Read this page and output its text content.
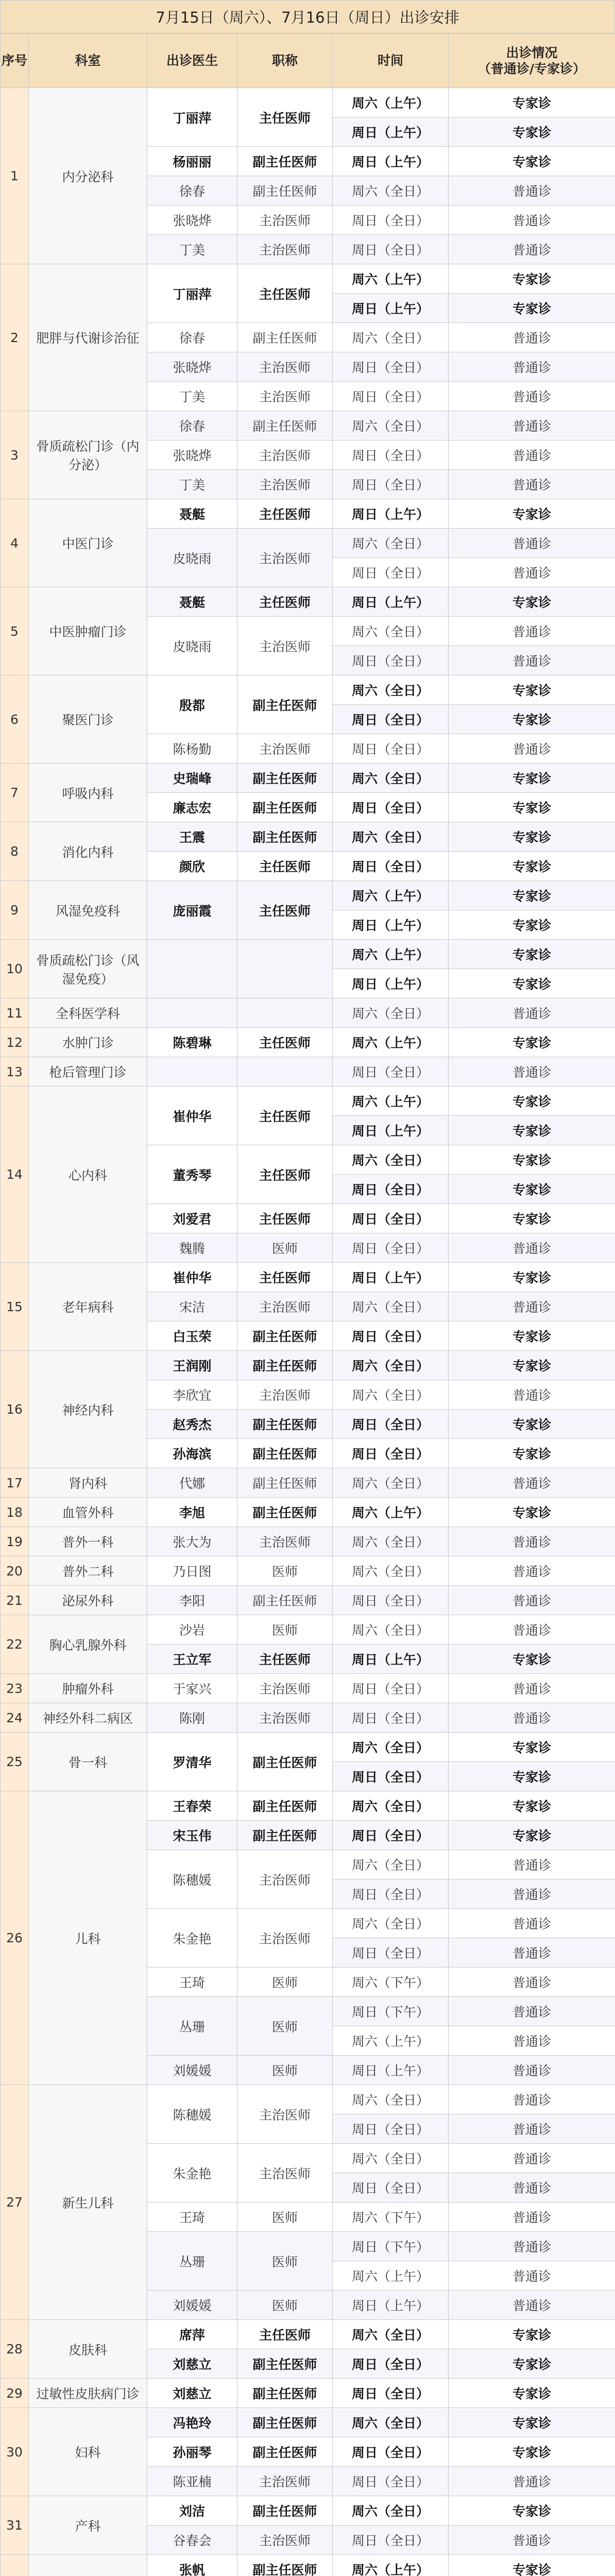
7月15日（周六）、7月16日（周日）出诊安排
序号	科室	出诊医生	职称	时间	出诊情况
（普通诊/专家诊）
1	内分泌科	丁丽萍	主任医师	周六（上午）	专家诊
				周日（上午）	专家诊
		杨丽丽	副主任医师	周日（上午）	专家诊
		徐春	副主任医师	周六（全日）	普通诊
		张晓烨	主治医师	周日（全日）	普通诊
		丁美	主治医师	周日（全日）	普通诊
2	肥胖与代谢诊治征	丁丽萍	主任医师	周六（上午）	专家诊
				周日（上午）	专家诊
		徐春	副主任医师	周六（全日）	普通诊
		张晓烨	主治医师	周日（全日）	普通诊
		丁美	主治医师	周日（全日）	普通诊
3	骨质疏松门诊（内分泌）	徐春	副主任医师	周六（全日）	普通诊
		张晓烨	主治医师	周日（全日）	普通诊
		丁美	主治医师	周日（全日）	普通诊
4	中医门诊	聂艇	主任医师	周日（上午）	专家诊
		皮晓雨	主治医师	周六（全日）	普通诊
				周日（全日）	普通诊
5	中医肿瘤门诊	聂艇	主任医师	周日（上午）	专家诊
		皮晓雨	主治医师	周六（全日）	普通诊
				周日（全日）	普通诊
6	聚医门诊	殷都	副主任医师	周六（全日）	专家诊
				周日（全日）	专家诊
		陈杨勤	主治医师	周日（全日）	普通诊
7	呼吸内科	史瑞峰	副主任医师	周六（全日）	专家诊
		廉志宏	副主任医师	周日（全日）	专家诊
8	消化内科	王震	副主任医师	周六（全日）	专家诊
		颜欣	主任医师	周日（全日）	专家诊
9	风湿免疫科	庞丽霞	主任医师	周六（上午）	专家诊
				周日（上午）	专家诊
10	骨质疏松门诊（风湿免疫）			周六（上午）	专家诊
				周日（上午）	专家诊
11	全科医学科			周六（全日）	普通诊
12	水肿门诊	陈碧琳	主任医师	周六（上午）	专家诊
13	枪后管理门诊			周日（全日）	普通诊
14	心内科	崔仲华	主任医师	周六（上午）	专家诊
				周日（上午）	专家诊
		董秀琴	主任医师	周六（全日）	专家诊
				周日（全日）	专家诊
		刘爱君	主任医师	周日（全日）	专家诊
		魏腾	医师	周日（全日）	普通诊
15	老年病科	崔仲华	主任医师	周日（上午）	专家诊
		宋洁	主治医师	周六（全日）	普通诊
		白玉荣	副主任医师	周日（全日）	专家诊
16	神经内科	王润刚	副主任医师	周六（全日）	专家诊
		李欣宜	主治医师	周六（全日）	普通诊
		赵秀杰	副主任医师	周日（全日）	专家诊
		孙海滨	副主任医师	周日（全日）	专家诊
17	肾内科	代娜	副主任医师	周六（全日）	普通诊
18	血管外科	李旭	副主任医师	周六（上午）	专家诊
19	普外一科	张大为	主治医师	周六（全日）	普通诊
20	普外二科	乃日图	医师	周六（全日）	普通诊
21	泌尿外科	李阳	副主任医师	周日（全日）	普通诊
22	胸心乳腺外科	沙岩	医师	周六（全日）	普通诊
		王立军	主任医师	周日（上午）	专家诊
23	肿瘤外科	于家兴	主治医师	周日（全日）	普通诊
24	神经外科二病区	陈刚	主治医师	周日（全日）	普通诊
25	骨一科	罗清华	副主任医师	周六（全日）	专家诊
				周日（全日）	专家诊
26	儿科	王春荣	副主任医师	周六（全日）	专家诊
		宋玉伟	副主任医师	周日（全日）	专家诊
		陈穗媛	主治医师	周六（全日）	普通诊
				周日（全日）	普通诊
		朱金艳	主治医师	周六（全日）	普通诊
				周日（全日）	普通诊
		王琦	医师	周六（下午）	普通诊
		丛珊	医师	周日（下午）	普通诊
				周六（上午）	普通诊
		刘媛媛	医师	周日（上午）	普通诊
27	新生儿科	陈穗媛	主治医师	周六（全日）	普通诊
				周日（全日）	普通诊
		朱金艳	主治医师	周六（全日）	普通诊
				周日（全日）	普通诊
		王琦	医师	周六（下午）	普通诊
		丛珊	医师	周日（下午）	普通诊
				周六（上午）	普通诊
		刘媛媛	医师	周日（上午）	普通诊
28	皮肤科	席萍	主任医师	周六（全日）	专家诊
		刘慈立	副主任医师	周日（全日）	专家诊
29	过敏性皮肤病门诊	刘慈立	副主任医师	周日（全日）	专家诊
30	妇科	冯艳玲	副主任医师	周六（全日）	专家诊
		孙丽琴	副主任医师	周日（全日）	专家诊
		陈亚楠	主治医师	周日（全日）	普通诊
31	产科	刘洁	副主任医师	周六（全日）	专家诊
		谷春会	主治医师	周日（全日）	普通诊
		张帆	副主任医师	周六（上午）	专家诊
